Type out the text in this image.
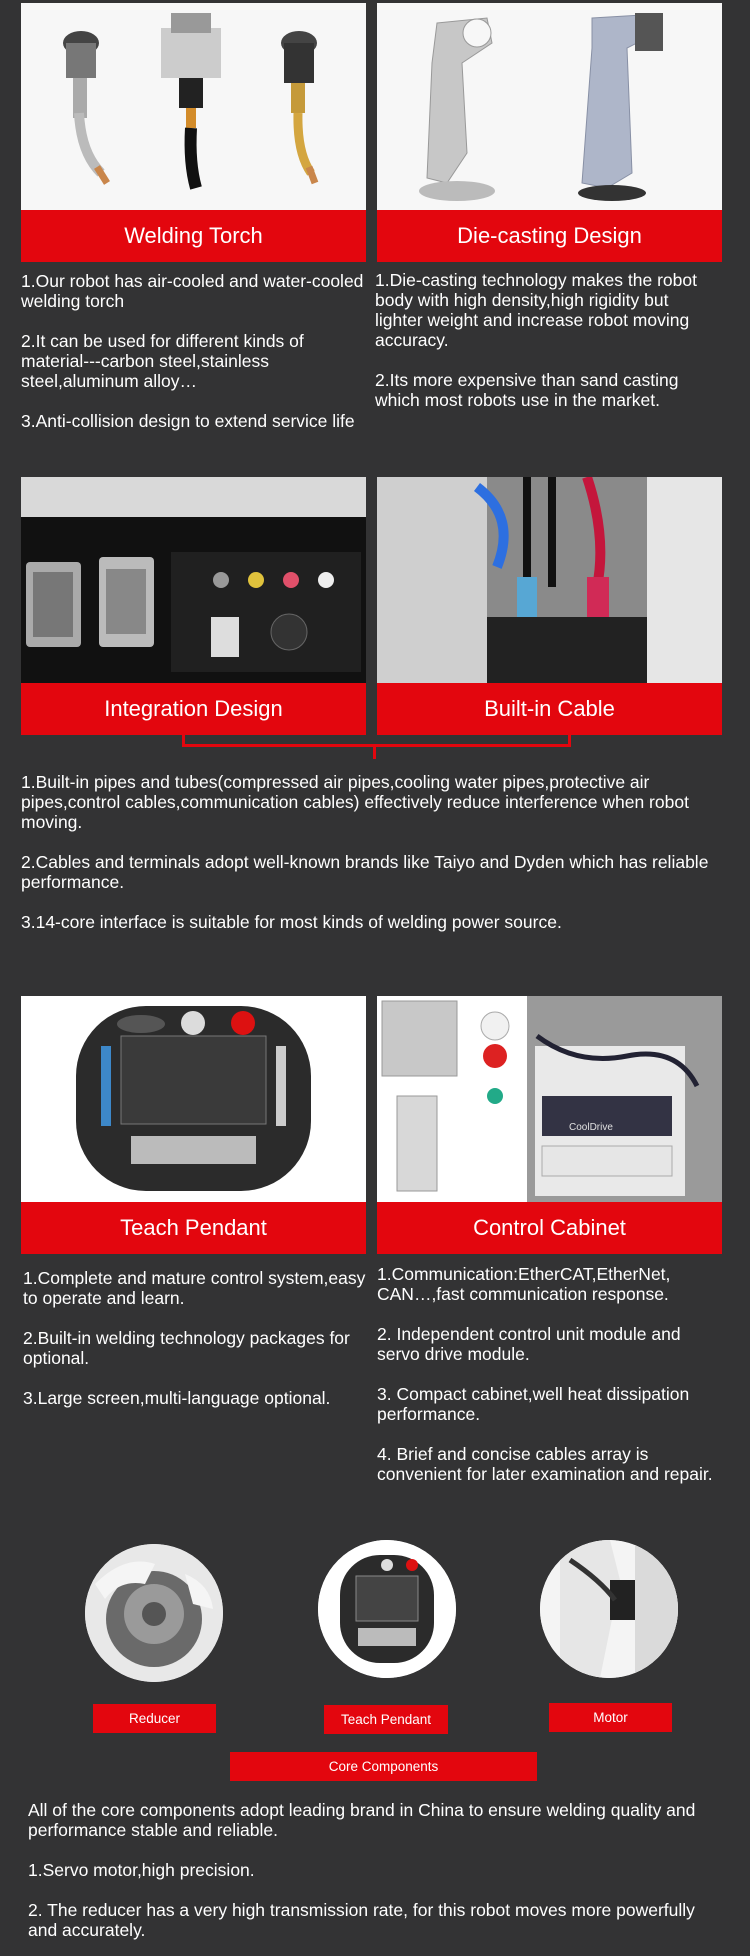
Welding Torch	Die-casting Design

1.Our robot has air-cooled and water-cooled welding torch

2.It can be used for different kinds of material---carbon steel,stainless steel,aluminum alloy…

3.Anti-collision design to extend service life

1.Die-casting technology makes the robot body with high density,high rigidity but lighter weight and increase robot moving accuracy.

2.Its more expensive than sand casting which most robots use in the market.

Integration Design	Built-in Cable

1.Built-in pipes and tubes(compressed air pipes,cooling water pipes,protective air pipes,control cables,communication cables) effectively reduce interference when robot moving.

2.Cables and terminals adopt well-known brands like Taiyo and Dyden which has reliable performance.

3.14-core interface is suitable for most kinds of welding power source.

Teach Pendant
CoolDrive
Control Cabinet

1.Complete and mature control system,easy to operate and learn.

2.Built-in welding technology packages for optional.

3.Large screen,multi-language optional.

1.Communication:EtherCAT,EtherNet, CAN…,fast communication response.

2. Independent control unit module and servo drive module.

3. Compact cabinet,well heat dissipation performance.

4. Brief and concise cables array is convenient for later examination and repair.

Reducer	Teach Pendant	Motor
Core Components

All of the core components adopt leading brand in China to ensure welding quality and performance stable and reliable.

1.Servo motor,high precision.

2. The reducer has a very high transmission rate, for this robot moves more powerfully and accurately.
